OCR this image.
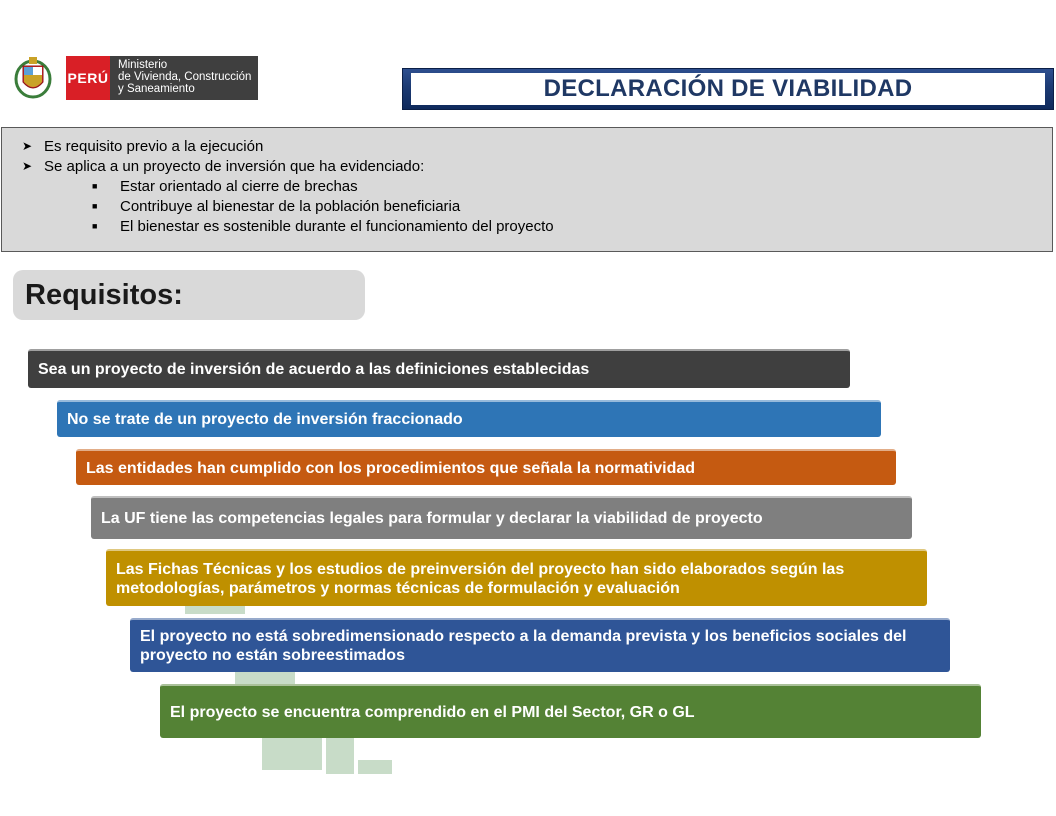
PERÚ
Ministerio
de Vivienda, Construcción
y Saneamiento	DECLARACIÓN DE VIABILIDAD
➤ Es requisito previo a la ejecución
➤ Se aplica a un proyecto de inversión que ha evidenciado:
■	Estar orientado al cierre de brechas
■	Contribuye al bienestar de la población beneficiaria
■	El bienestar es sostenible durante el funcionamiento del proyecto
Requisitos:
Sea un proyecto de inversión de acuerdo a las definiciones establecidas
No se trate de un proyecto de inversión fraccionado
Las entidades han cumplido con los procedimientos que señala la normatividad
La UF tiene las competencias legales para formular y declarar la viabilidad de proyecto
Las Fichas Técnicas y los estudios de preinversión del proyecto han sido elaborados según las metodologías, parámetros y normas técnicas de formulación y evaluación
El proyecto no está sobredimensionado respecto a la demanda prevista y los beneficios sociales del proyecto no están sobreestimados
El proyecto se encuentra comprendido en el PMI del Sector, GR o GL
